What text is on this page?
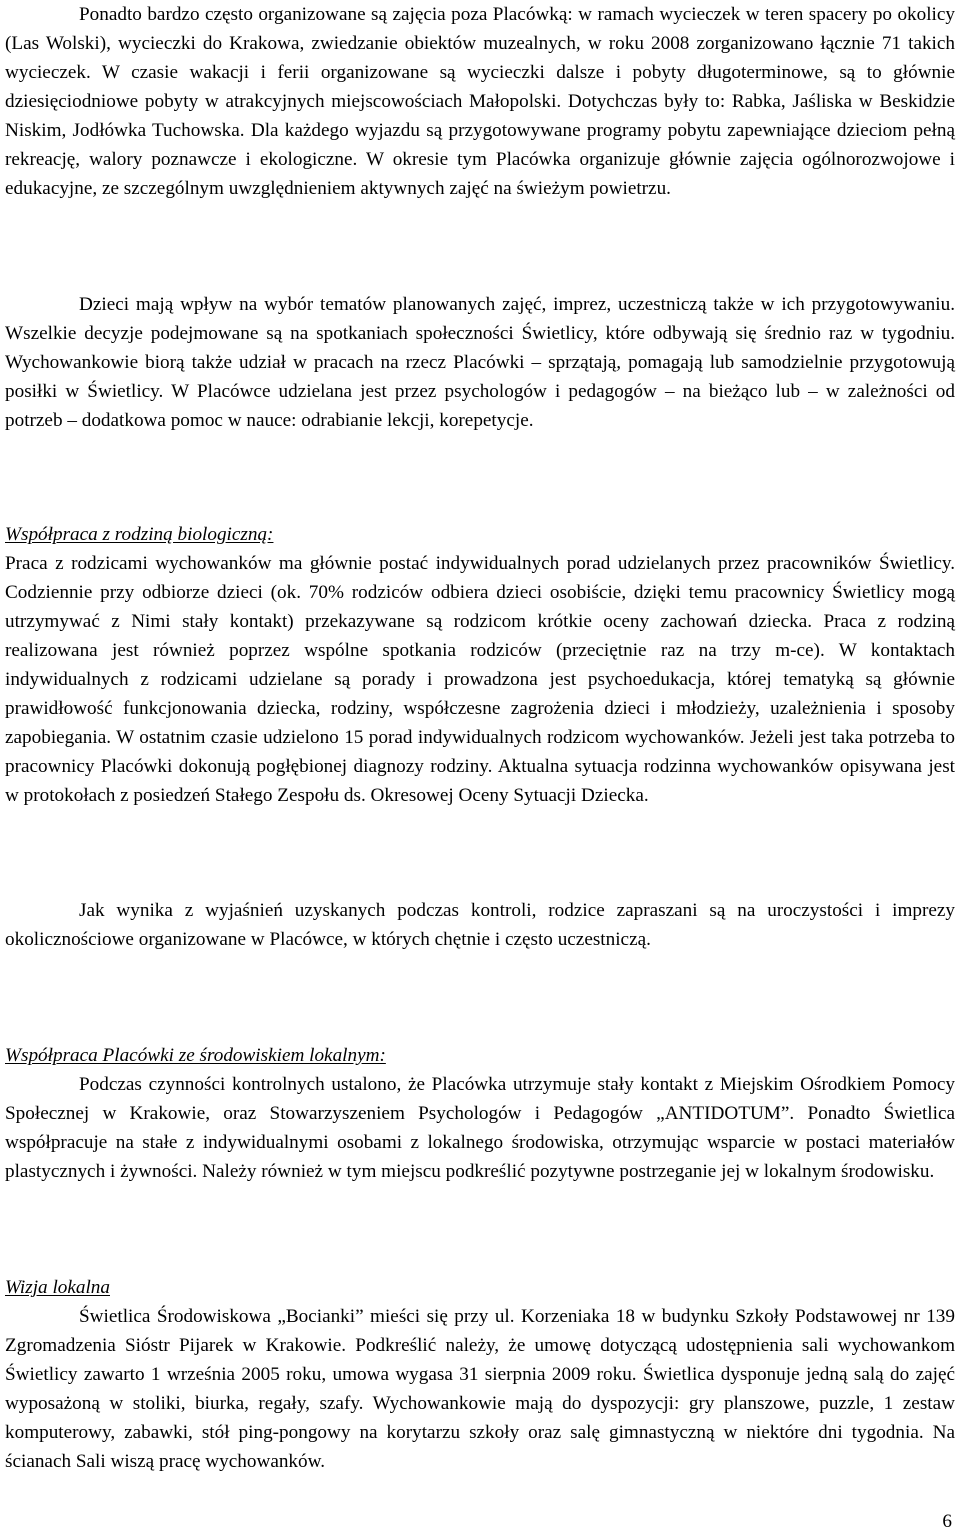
Ponadto bardzo często organizowane są zajęcia poza Placówką: w ramach wycieczek w teren spacery po okolicy (Las Wolski), wycieczki do Krakowa, zwiedzanie obiektów muzealnych, w roku 2008 zorganizowano łącznie 71 takich wycieczek. W czasie wakacji i ferii organizowane są wycieczki dalsze i pobyty długoterminowe, są to głównie dziesięciodniowe pobyty w atrakcyjnych miejscowościach Małopolski. Dotychczas były to: Rabka, Jaśliska w Beskidzie Niskim, Jodłówka Tuchowska. Dla każdego wyjazdu są przygotowywane programy pobytu zapewniające dzieciom pełną rekreację, walory poznawcze i ekologiczne. W okresie tym Placówka organizuje głównie zajęcia ogólnorozwojowe i edukacyjne, ze szczególnym uwzględnieniem aktywnych zajęć na świeżym powietrzu.

Dzieci mają wpływ na wybór tematów planowanych zajęć, imprez, uczestniczą także w ich przygotowywaniu. Wszelkie decyzje podejmowane są na spotkaniach społeczności Świetlicy, które odbywają się średnio raz w tygodniu. Wychowankowie biorą także udział w pracach na rzecz Placówki – sprzątają, pomagają lub samodzielnie przygotowują posiłki w Świetlicy. W Placówce udzielana jest przez psychologów i pedagogów – na bieżąco lub – w zależności od potrzeb – dodatkowa pomoc w nauce: odrabianie lekcji, korepetycje.

Współpraca z rodziną biologiczną:

Praca z rodzicami wychowanków ma głównie postać indywidualnych porad udzielanych przez pracowników Świetlicy. Codziennie przy odbiorze dzieci (ok. 70% rodziców odbiera dzieci osobiście, dzięki temu pracownicy Świetlicy mogą utrzymywać z Nimi stały kontakt) przekazywane są rodzicom krótkie oceny zachowań dziecka. Praca z rodziną realizowana jest również poprzez wspólne spotkania rodziców (przeciętnie raz na trzy m-ce). W kontaktach indywidualnych z rodzicami udzielane są porady i prowadzona jest psychoedukacja, której tematyką są głównie prawidłowość funkcjonowania dziecka, rodziny, współczesne zagrożenia dzieci i młodzieży, uzależnienia i sposoby zapobiegania. W ostatnim czasie udzielono 15 porad indywidualnych rodzicom wychowanków. Jeżeli jest taka potrzeba to pracownicy Placówki dokonują pogłębionej diagnozy rodziny. Aktualna sytuacja rodzinna wychowanków opisywana jest w protokołach z posiedzeń Stałego Zespołu ds. Okresowej Oceny Sytuacji Dziecka.

Jak wynika z wyjaśnień uzyskanych podczas kontroli, rodzice zapraszani są na uroczystości i imprezy okolicznościowe organizowane w Placówce, w których chętnie i często uczestniczą.

Współpraca Placówki ze środowiskiem lokalnym:

Podczas czynności kontrolnych ustalono, że Placówka utrzymuje stały kontakt z Miejskim Ośrodkiem Pomocy Społecznej w Krakowie, oraz Stowarzyszeniem Psychologów i Pedagogów „ANTIDOTUM”. Ponadto Świetlica współpracuje na stałe z indywidualnymi osobami z lokalnego środowiska, otrzymując wsparcie w postaci materiałów plastycznych i żywności. Należy również w tym miejscu podkreślić pozytywne postrzeganie jej w lokalnym środowisku.

Wizja lokalna

Świetlica Środowiskowa „Bocianki” mieści się przy ul. Korzeniaka 18 w budynku Szkoły Podstawowej nr 139 Zgromadzenia Sióstr Pijarek w Krakowie. Podkreślić należy, że umowę dotyczącą udostępnienia sali wychowankom Świetlicy zawarto 1 września 2005 roku, umowa wygasa 31 sierpnia 2009 roku. Świetlica dysponuje jedną salą do zajęć wyposażoną w stoliki, biurka, regały, szafy. Wychowankowie mają do dyspozycji: gry planszowe, puzzle, 1 zestaw komputerowy, zabawki, stół ping-pongowy na korytarzu szkoły oraz salę gimnastyczną w niektóre dni tygodnia. Na ścianach Sali wiszą pracę wychowanków.

6
